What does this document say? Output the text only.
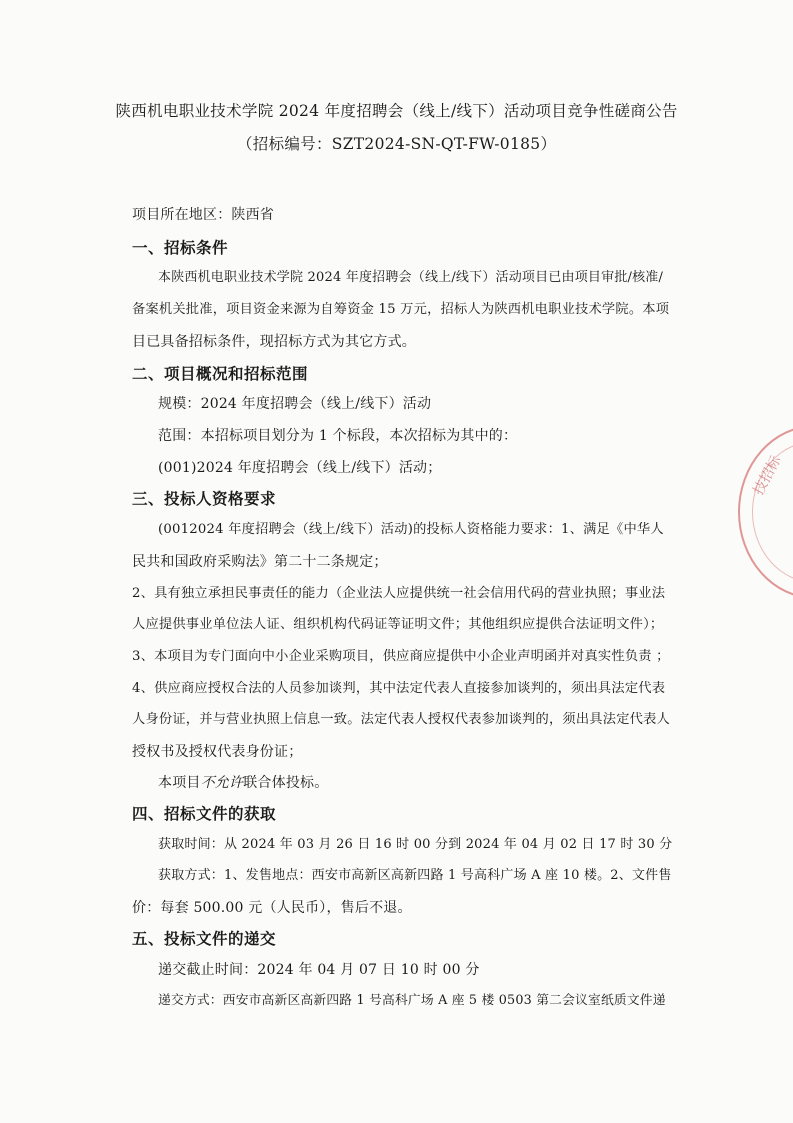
陕西机电职业技术学院 2024 年度招聘会（线上/线下）活动项目竞争性磋商公告
（招标编号：SZT2024-SN-QT-FW-0185）
项目所在地区：陕西省
一、招标条件
本陕西机电职业技术学院 2024 年度招聘会（线上/线下）活动项目已由项目审批/核准/
备案机关批准，项目资金来源为自筹资金 15 万元，招标人为陕西机电职业技术学院。本项
目已具备招标条件，现招标方式为其它方式。
二、项目概况和招标范围
规模：2024 年度招聘会（线上/线下）活动
范围：本招标项目划分为 1 个标段，本次招标为其中的：
(001)2024 年度招聘会（线上/线下）活动；
三、投标人资格要求
(0012024 年度招聘会（线上/线下）活动)的投标人资格能力要求：1、满足《中华人
民共和国政府采购法》第二十二条规定；
2、具有独立承担民事责任的能力（企业法人应提供统一社会信用代码的营业执照；事业法
人应提供事业单位法人证、组织机构代码证等证明文件；其他组织应提供合法证明文件）；
3、本项目为专门面向中小企业采购项目，供应商应提供中小企业声明函并对真实性负责 ；
4、供应商应授权合法的人员参加谈判，其中法定代表人直接参加谈判的，须出具法定代表
人身份证，并与营业执照上信息一致。法定代表人授权代表参加谈判的，须出具法定代表人
授权书及授权代表身份证；
本项目不允许联合体投标。
四、招标文件的获取
获取时间：从 2024 年 03 月 26 日 16 时 00 分到 2024 年 04 月 02 日 17 时 30 分
获取方式：1、发售地点：西安市高新区高新四路 1 号高科广场 A 座 10 楼。2、文件售
价：每套 500.00 元（人民币），售后不退。
五、投标文件的递交
递交截止时间：2024 年 04 月 07 日 10 时 00 分
递交方式：西安市高新区高新四路 1 号高科广场 A 座 5 楼 0503 第二会议室纸质文件递
技招标
